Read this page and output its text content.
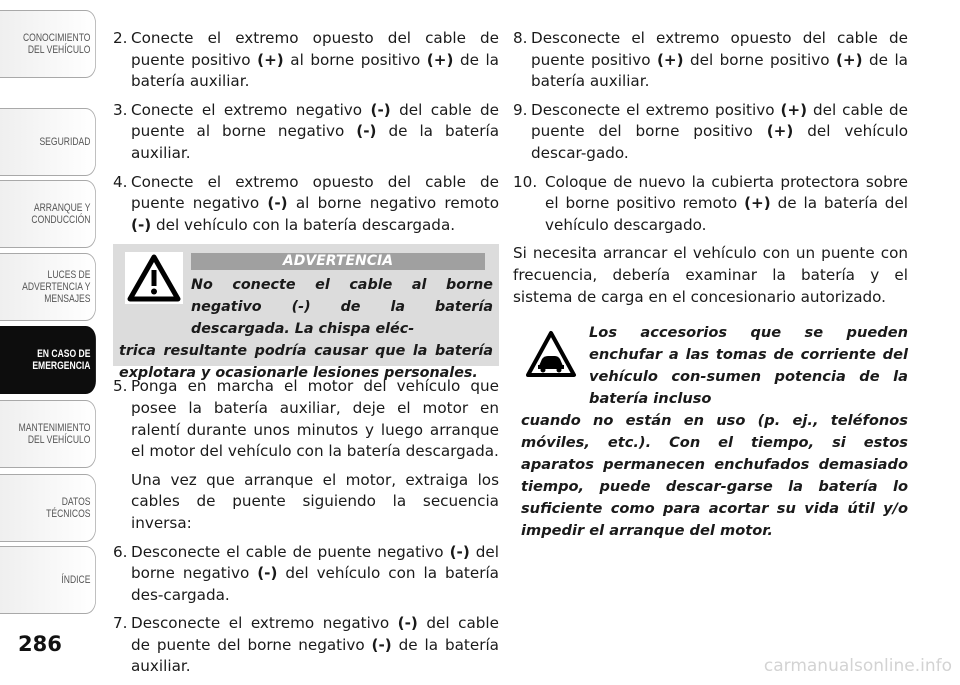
CONOCIMIENTO
DEL VEHÍCULO
SEGURIDAD
ARRANQUE Y
CONDUCCIÓN
LUCES DE
ADVERTENCIA Y
MENSAJES
EN CASO DE
EMERGENCIA
MANTENIMIENTO
DEL VEHÍCULO
DATOS
TÉCNICOS
ÍNDICE
286
2. Conecte el extremo opuesto del cable de puente positivo (+) al borne positivo (+) de la batería auxiliar.
3. Conecte el extremo negativo (-) del cable de puente al borne negativo (-) de la batería auxiliar.
4. Conecte el extremo opuesto del cable de puente negativo (-) al borne negativo remoto (-) del vehículo con la batería descargada.
ADVERTENCIA
No conecte el cable al borne negativo (-) de la batería descargada. La chispa eléc-
trica resultante podría causar que la batería explotara y ocasionarle lesiones personales.
5. Ponga en marcha el motor del vehículo que posee la batería auxiliar, deje el motor en ralentí durante unos minutos y luego arranque el motor del vehículo con la batería descargada.
Una vez que arranque el motor, extraiga los cables de puente siguiendo la secuencia inversa:
6. Desconecte el cable de puente negativo (-) del borne negativo (-) del vehículo con la batería des-cargada.
7. Desconecte el extremo negativo (-) del cable de puente del borne negativo (-) de la batería auxiliar.
8. Desconecte el extremo opuesto del cable de puente positivo (+) del borne positivo (+) de la batería auxiliar.
9. Desconecte el extremo positivo (+) del cable de puente del borne positivo (+) del vehículo descar-gado.
10. Coloque de nuevo la cubierta protectora sobre el borne positivo remoto (+) de la batería del vehículo descargado.
Si necesita arrancar el vehículo con un puente con frecuencia, debería examinar la batería y el sistema de carga en el concesionario autorizado.
Los accesorios que se pueden enchufar a las tomas de corriente del vehículo con-sumen potencia de la batería incluso
cuando no están en uso (p. ej., teléfonos móviles, etc.). Con el tiempo, si estos aparatos permanecen enchufados demasiado tiempo, puede descar-garse la batería lo suficiente como para acortar su vida útil y/o impedir el arranque del motor.
carmanualsonline.info
